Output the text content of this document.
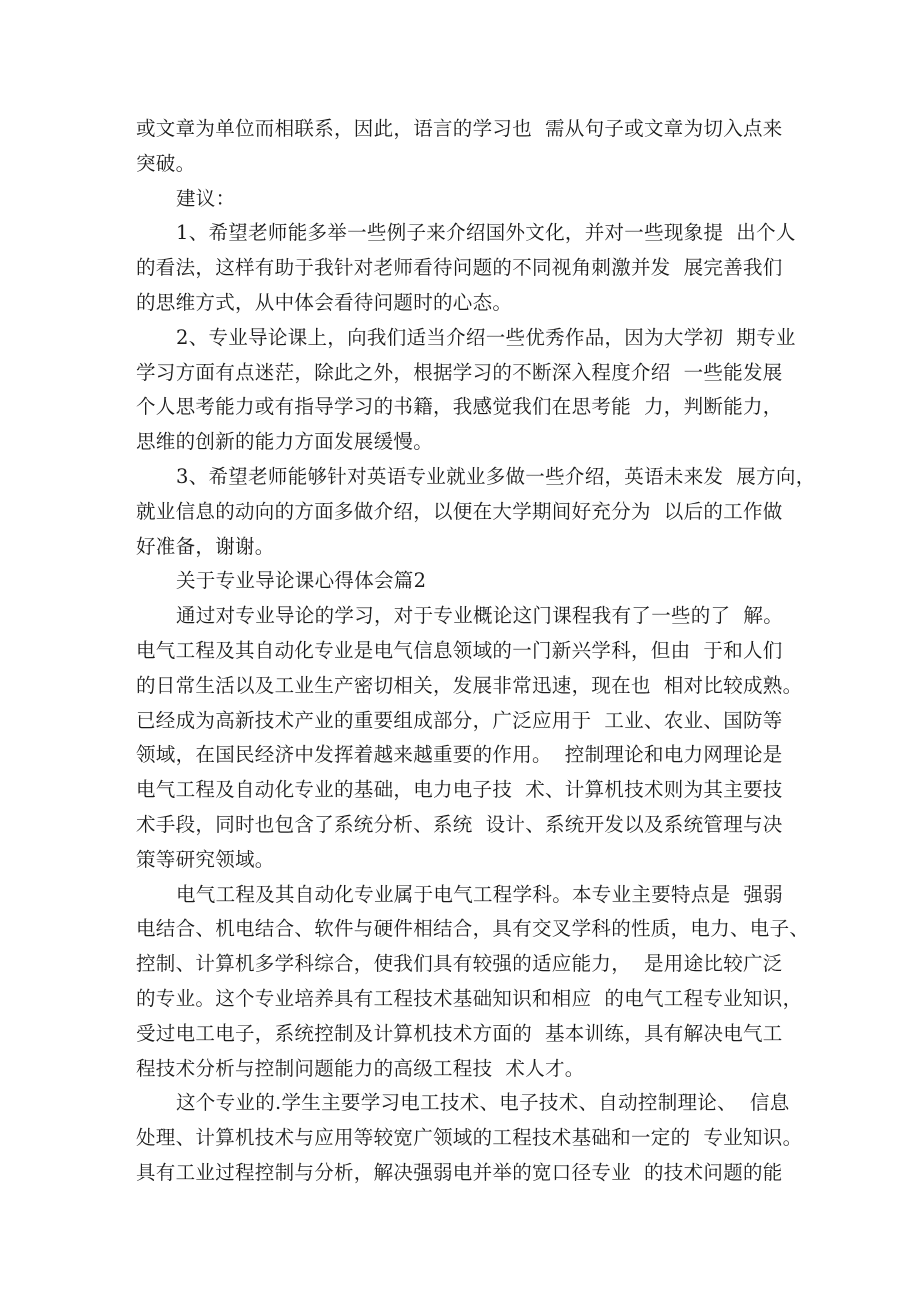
或文章为单位而相联系，因此，语言的学习也  需从句子或文章为切入点来
突破。
建议：
1、希望老师能多举一些例子来介绍国外文化，并对一些现象提  出个人
的看法，这样有助于我针对老师看待问题的不同视角刺激并发  展完善我们
的思维方式，从中体会看待问题时的心态。
2、专业导论课上，向我们适当介绍一些优秀作品，因为大学初  期专业
学习方面有点迷茫，除此之外，根据学习的不断深入程度介绍  一些能发展
个人思考能力或有指导学习的书籍，我感觉我们在思考能  力，判断能力，
思维的创新的能力方面发展缓慢。
3、希望老师能够针对英语专业就业多做一些介绍，英语未来发  展方向，
就业信息的动向的方面多做介绍，以便在大学期间好充分为  以后的工作做
好准备，谢谢。
关于专业导论课心得体会篇2
通过对专业导论的学习，对于专业概论这门课程我有了一些的了  解。
电气工程及其自动化专业是电气信息领域的一门新兴学科，但由  于和人们
的日常生活以及工业生产密切相关，发展非常迅速，现在也  相对比较成熟。
已经成为高新技术产业的重要组成部分，广泛应用于  工业、农业、国防等
领域，在国民经济中发挥着越来越重要的作用。  控制理论和电力网理论是
电气工程及自动化专业的基础，电力电子技  术、计算机技术则为其主要技
术手段，同时也包含了系统分析、系统  设计、系统开发以及系统管理与决
策等研究领域。
电气工程及其自动化专业属于电气工程学科。本专业主要特点是  强弱
电结合、机电结合、软件与硬件相结合，具有交叉学科的性质，电力、电子、
控制、计算机多学科综合，使我们具有较强的适应能力，  是用途比较广泛
的专业。这个专业培养具有工程技术基础知识和相应  的电气工程专业知识，
受过电工电子，系统控制及计算机技术方面的  基本训练，具有解决电气工
程技术分析与控制问题能力的高级工程技  术人才。
这个专业的.学生主要学习电工技术、电子技术、自动控制理论、  信息
处理、计算机技术与应用等较宽广领域的工程技术基础和一定的  专业知识。
具有工业过程控制与分析，解决强弱电并举的宽口径专业  的技术问题的能
